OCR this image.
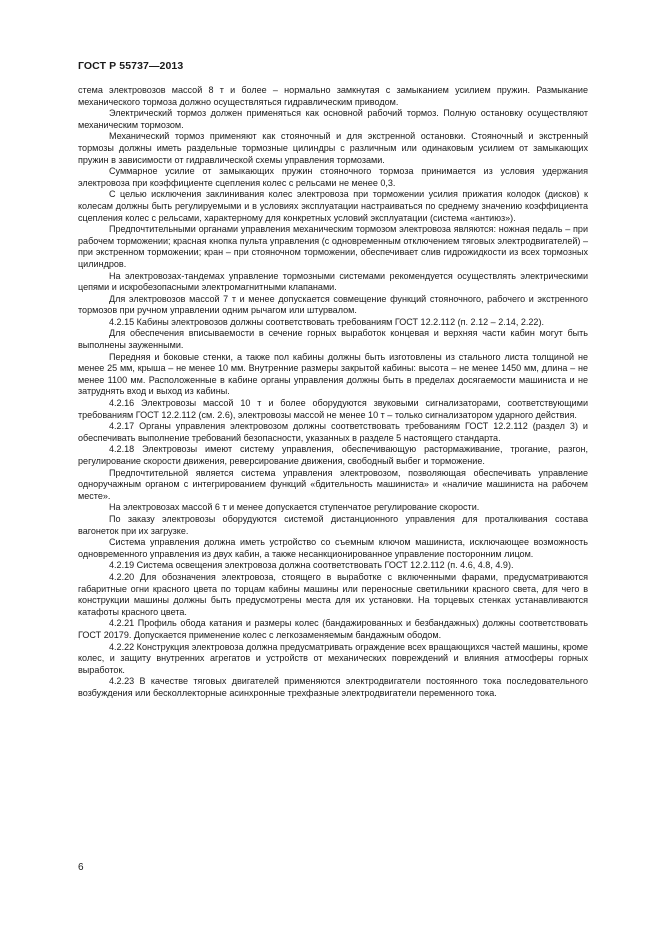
ГОСТ Р 55737—2013

стема электровозов массой 8 т и более – нормально замкнутая с замыканием усилием пружин. Размыкание механического тормоза должно осуществляться гидравлическим приводом.

Электрический тормоз должен применяться как основной рабочий тормоз. Полную остановку осуществляют механическим тормозом.

Механический тормоз применяют как стояночный и для экстренной остановки. Стояночный и экстренный тормозы должны иметь раздельные тормозные цилиндры с различным или одинаковым усилием от замыкающих пружин в зависимости от гидравлической схемы управления тормозами.

Суммарное усилие от замыкающих пружин стояночного тормоза принимается из условия удержания электровоза при коэффициенте сцепления колес с рельсами не менее 0,3.

С целью исключения заклинивания колес электровоза при торможении усилия прижатия колодок (дисков) к колесам должны быть регулируемыми и в условиях эксплуатации настраиваться по среднему значению коэффициента сцепления колес с рельсами, характерному для конкретных условий эксплуатации (система «антиюз»).

Предпочтительными органами управления механическим тормозом электровоза являются: ножная педаль – при рабочем торможении; красная кнопка пульта управления (с одновременным отключением тяговых электродвигателей) – при экстренном торможении; кран – при стояночном торможении, обеспечивает слив гидрожидкости из всех тормозных цилиндров.

На электровозах-тандемах управление тормозными системами рекомендуется осуществлять электрическими цепями и искробезопасными электромагнитными клапанами.

Для электровозов массой 7 т и менее допускается совмещение функций стояночного, рабочего и экстренного тормозов при ручном управлении одним рычагом или штурвалом.

4.2.15 Кабины электровозов должны соответствовать требованиям ГОСТ 12.2.112 (п. 2.12 – 2.14, 2.22).

Для обеспечения вписываемости в сечение горных выработок концевая и верхняя части кабин могут быть выполнены зауженными.

Передняя и боковые стенки, а также пол кабины должны быть изготовлены из стального листа толщиной не менее 25 мм, крыша – не менее 10 мм. Внутренние размеры закрытой кабины: высота – не менее 1450 мм, длина – не менее 1100 мм. Расположенные в кабине органы управления должны быть в пределах досягаемости машиниста и не затруднять вход и выход из кабины.

4.2.16 Электровозы массой 10 т и более оборудуются звуковыми сигнализаторами, соответствующими требованиям ГОСТ 12.2.112 (см. 2.6), электровозы массой не менее 10 т – только сигнализатором ударного действия.

4.2.17 Органы управления электровозом должны соответствовать требованиям ГОСТ 12.2.112 (раздел 3) и обеспечивать выполнение требований безопасности, указанных в разделе 5 настоящего стандарта.

4.2.18 Электровозы имеют систему управления, обеспечивающую растормаживание, трогание, разгон, регулирование скорости движения, реверсирование движения, свободный выбег и торможение.

Предпочтительной является система управления электровозом, позволяющая обеспечивать управление одноручажным органом с интегрированием функций «бдительность машиниста» и «наличие машиниста на рабочем месте».

На электровозах массой 6 т и менее допускается ступенчатое регулирование скорости.

По заказу электровозы оборудуются системой дистанционного управления для проталкивания состава вагонеток при их загрузке.

Система управления должна иметь устройство со съемным ключом машиниста, исключающее возможность одновременного управления из двух кабин, а также несанкционированное управление посторонним лицом.

4.2.19 Система освещения электровоза должна соответствовать ГОСТ 12.2.112 (п. 4.6, 4.8, 4.9).

4.2.20 Для обозначения электровоза, стоящего в выработке с включенными фарами, предусматриваются габаритные огни красного цвета по торцам кабины машины или переносные светильники красного света, для чего в конструкции машины должны быть предусмотрены места для их установки. На торцевых стенках устанавливаются катафоты красного цвета.

4.2.21 Профиль обода катания и размеры колес (бандажированных и безбандажных) должны соответствовать ГОСТ 20179. Допускается применение колес с легкозаменяемым бандажным ободом.

4.2.22 Конструкция электровоза должна предусматривать ограждение всех вращающихся частей машины, кроме колес, и защиту внутренних агрегатов и устройств от механических повреждений и влияния атмосферы горных выработок.

4.2.23 В качестве тяговых двигателей применяются электродвигатели постоянного тока последовательного возбуждения или бесколлекторные асинхронные трехфазные электродвигатели переменного тока.

6
